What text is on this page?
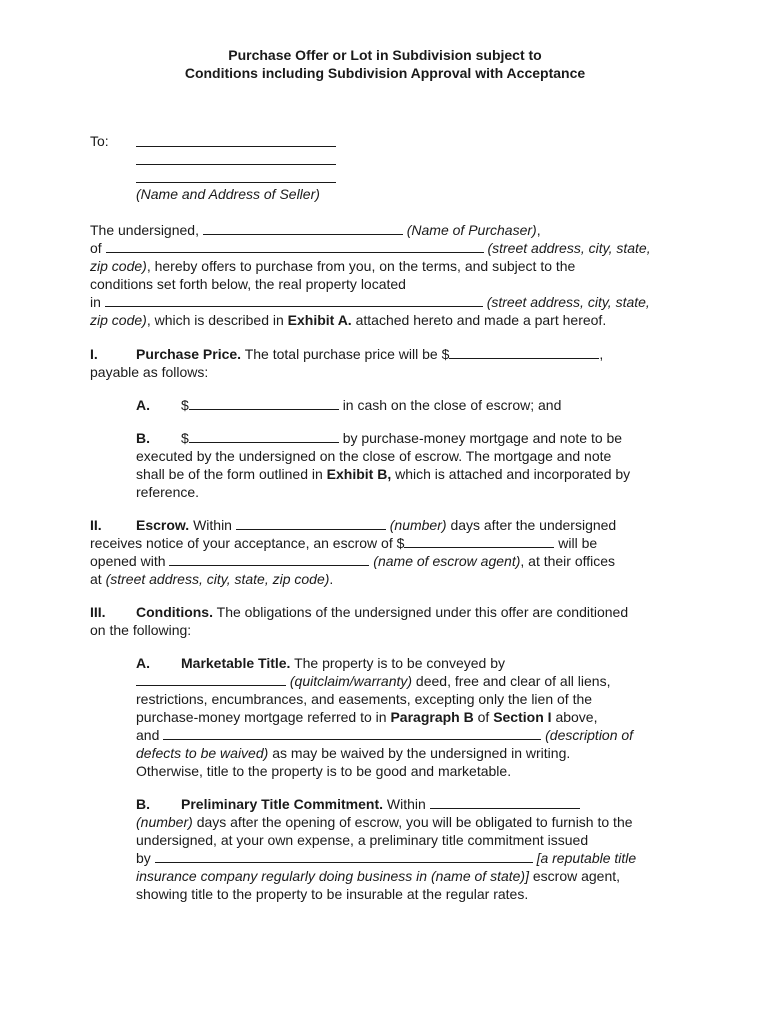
Purchase Offer or Lot in Subdivision subject to
Conditions including Subdivision Approval with Acceptance
To:
(Name and Address of Seller)
The undersigned,	(Name of Purchaser),
of	(street address, city, state,
zip code), hereby offers to purchase from you, on the terms, and subject to the
conditions set forth below, the real property located
in	(street address, city, state,
zip code), which is described in Exhibit A. attached hereto and made a part hereof.
I.	Purchase Price. The total purchase price will be $	,
payable as follows:
A. $	in cash on the close of escrow; and
B. $	by purchase-money mortgage and note to be
executed by the undersigned on the close of escrow. The mortgage and note
shall be of the form outlined in Exhibit B, which is attached and incorporated by
reference.
II. Escrow. Within	(number) days after the undersigned
receives notice of your acceptance, an escrow of $	will be
opened with	(name of escrow agent), at their offices
at (street address, city, state, zip code).
III. Conditions. The obligations of the undersigned under this offer are conditioned
on the following:
A. Marketable Title. The property is to be conveyed by
(quitclaim/warranty) deed, free and clear of all liens,
restrictions, encumbrances, and easements, excepting only the lien of the
purchase-money mortgage referred to in Paragraph B of Section I above,
and	(description of
defects to be waived) as may be waived by the undersigned in writing.
Otherwise, title to the property is to be good and marketable.
B. Preliminary Title Commitment. Within
(number) days after the opening of escrow, you will be obligated to furnish to the
undersigned, at your own expense, a preliminary title commitment issued
by	[a reputable title
insurance company regularly doing business in (name of state)] escrow agent,
showing title to the property to be insurable at the regular rates.
